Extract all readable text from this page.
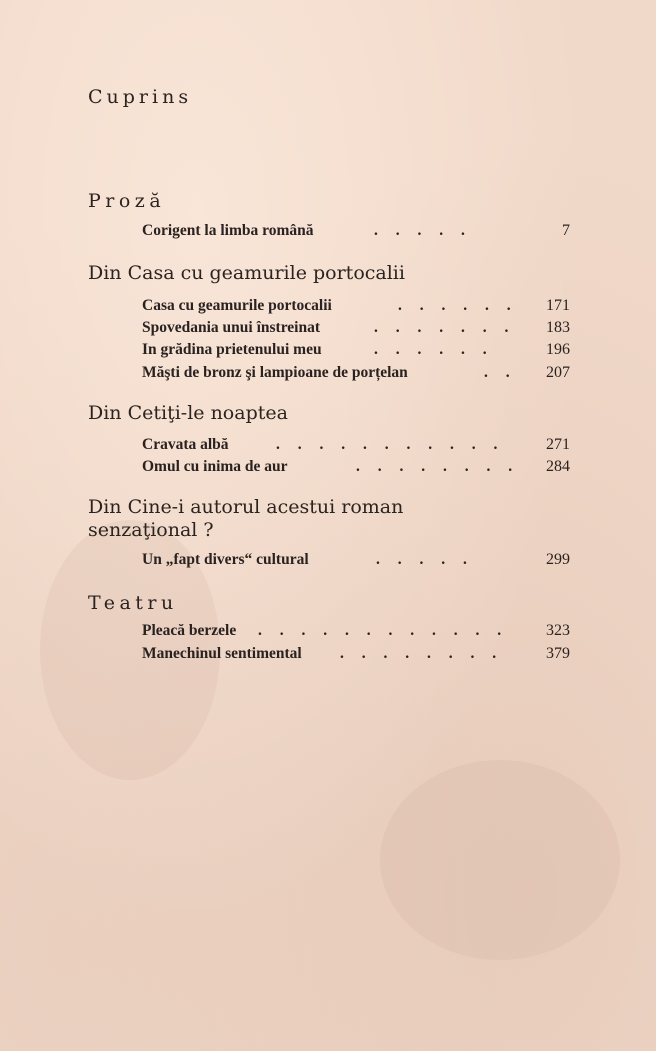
Cuprins
Proză
Corigent la limba română	. . . . .	7
Din Casa cu geamurile portocalii
Casa cu geamurile portocalii	. . . . . . 171
Spovedania unui înstreinat	. . . . . . . 183
In grădina prietenului meu	. . . . . .	196
Măşti de bronz şi lampioane de porțelan	. . 207
Din Cetiţi-le noaptea
Cravata albă	. . . . . . . . . . .	271
Omul cu inima de aur	. . . . . . . . 284
Din Cine-i autorul acestui roman
senzaţional ?
Un „fapt divers“ cultural	. . . . .	299
Teatru
Pleacă berzele . . . . . . . . . . . . 323
Manechinul sentimental . . . . . . . .	379
